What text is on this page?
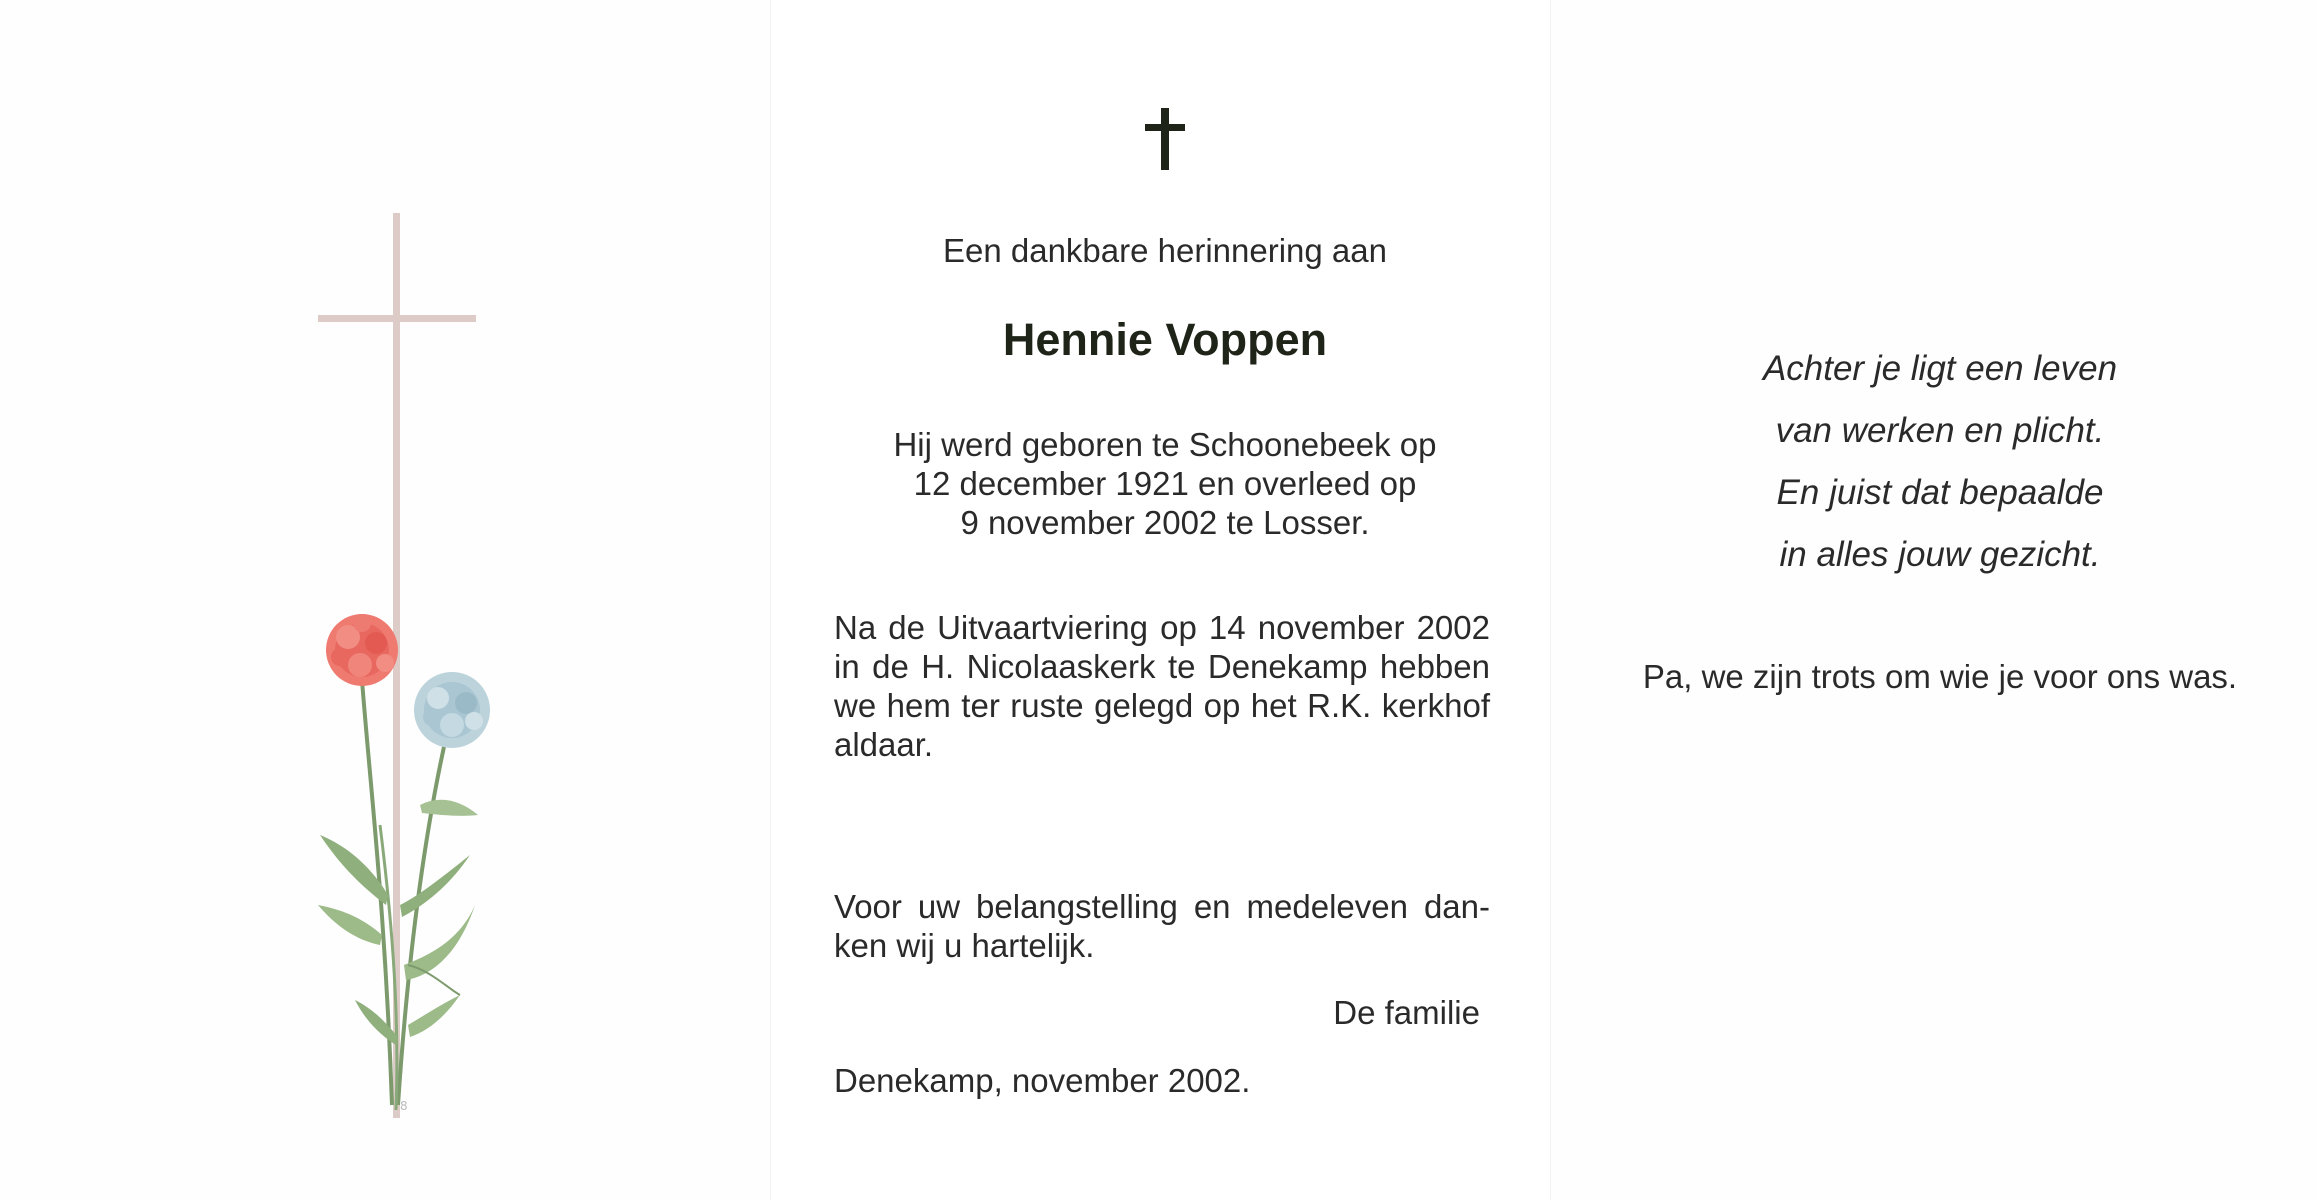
8
Een dankbare herinnering aan
Hennie Voppen
Hij werd geboren te Schoonebeek op
12 december 1921 en overleed op
9 november 2002 te Losser.
Na de Uitvaartviering op 14 november 2002 in de H. Nicolaaskerk te Denekamp hebben we hem ter ruste gelegd op het R.K. kerkhof aldaar.
Voor uw belangstelling en medeleven dan-ken wij u hartelijk.
De familie
Denekamp, november 2002.
Achter je ligt een leven
van werken en plicht.
En juist dat bepaalde
in alles jouw gezicht.
Pa, we zijn trots om wie je voor ons was.
